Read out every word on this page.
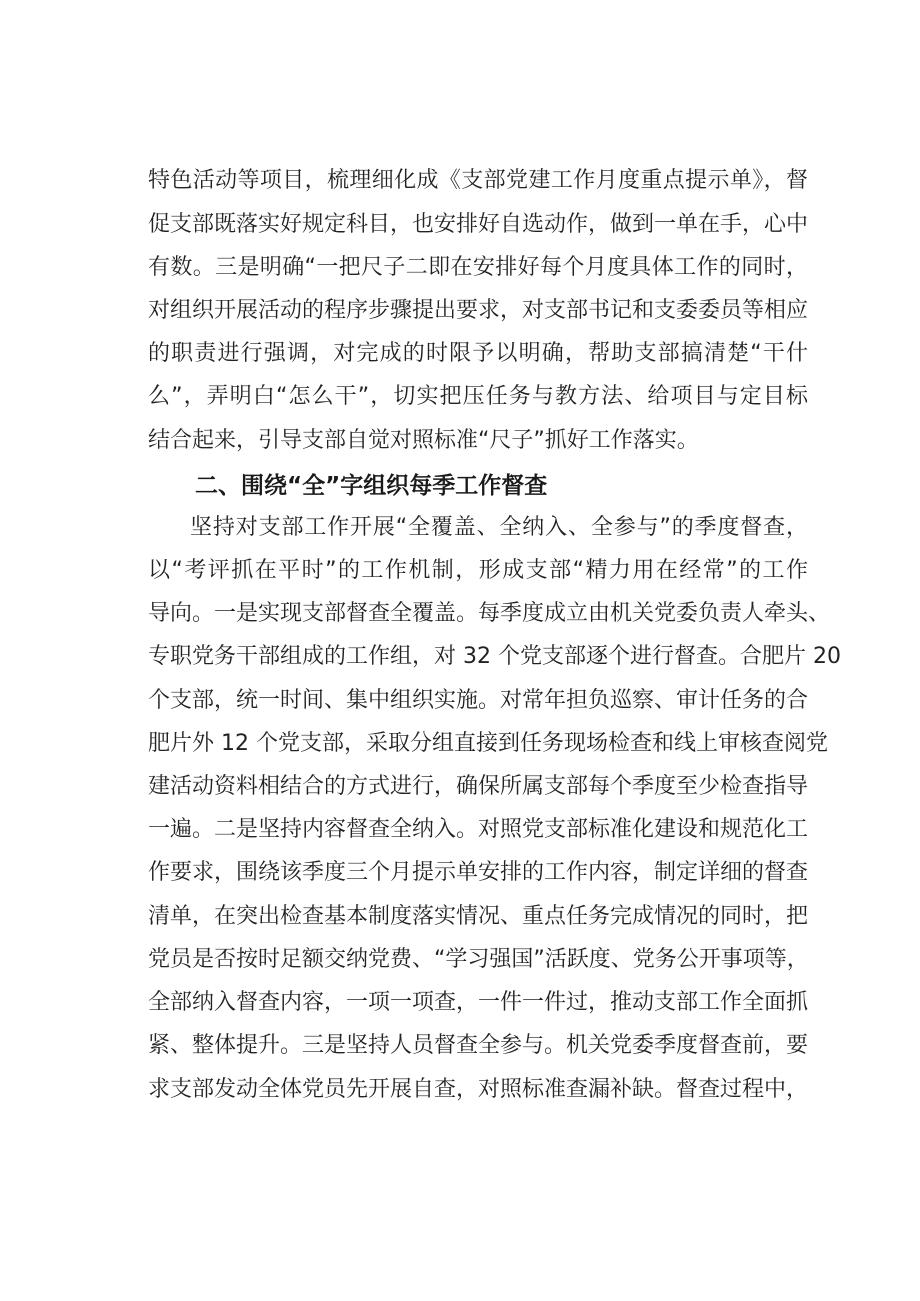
特色活动等项目，梳理细化成《支部党建工作月度重点提示单》，督
促支部既落实好规定科目，也安排好自选动作，做到一单在手，心中
有数。三是明确“一把尺子二即在安排好每个月度具体工作的同时，
对组织开展活动的程序步骤提出要求，对支部书记和支委委员等相应
的职责进行强调，对完成的时限予以明确，帮助支部搞清楚“干什
么”，弄明白“怎么干”，切实把压任务与教方法、给项目与定目标
结合起来，引导支部自觉对照标准“尺子”抓好工作落实。
二、围绕“全”字组织每季工作督查
坚持对支部工作开展“全覆盖、全纳入、全参与”的季度督查，
以“考评抓在平时”的工作机制，形成支部“精力用在经常”的工作
导向。一是实现支部督查全覆盖。每季度成立由机关党委负责人牵头、
专职党务干部组成的工作组，对 32 个党支部逐个进行督查。合肥片 20
个支部，统一时间、集中组织实施。对常年担负巡察、审计任务的合
肥片外 12 个党支部，采取分组直接到任务现场检查和线上审核查阅党
建活动资料相结合的方式进行，确保所属支部每个季度至少检查指导
一遍。二是坚持内容督查全纳入。对照党支部标准化建设和规范化工
作要求，围绕该季度三个月提示单安排的工作内容，制定详细的督查
清单，在突出检查基本制度落实情况、重点任务完成情况的同时，把
党员是否按时足额交纳党费、“学习强国”活跃度、党务公开事项等，
全部纳入督查内容，一项一项查，一件一件过，推动支部工作全面抓
紧、整体提升。三是坚持人员督查全参与。机关党委季度督查前，要
求支部发动全体党员先开展自查，对照标准查漏补缺。督查过程中，
